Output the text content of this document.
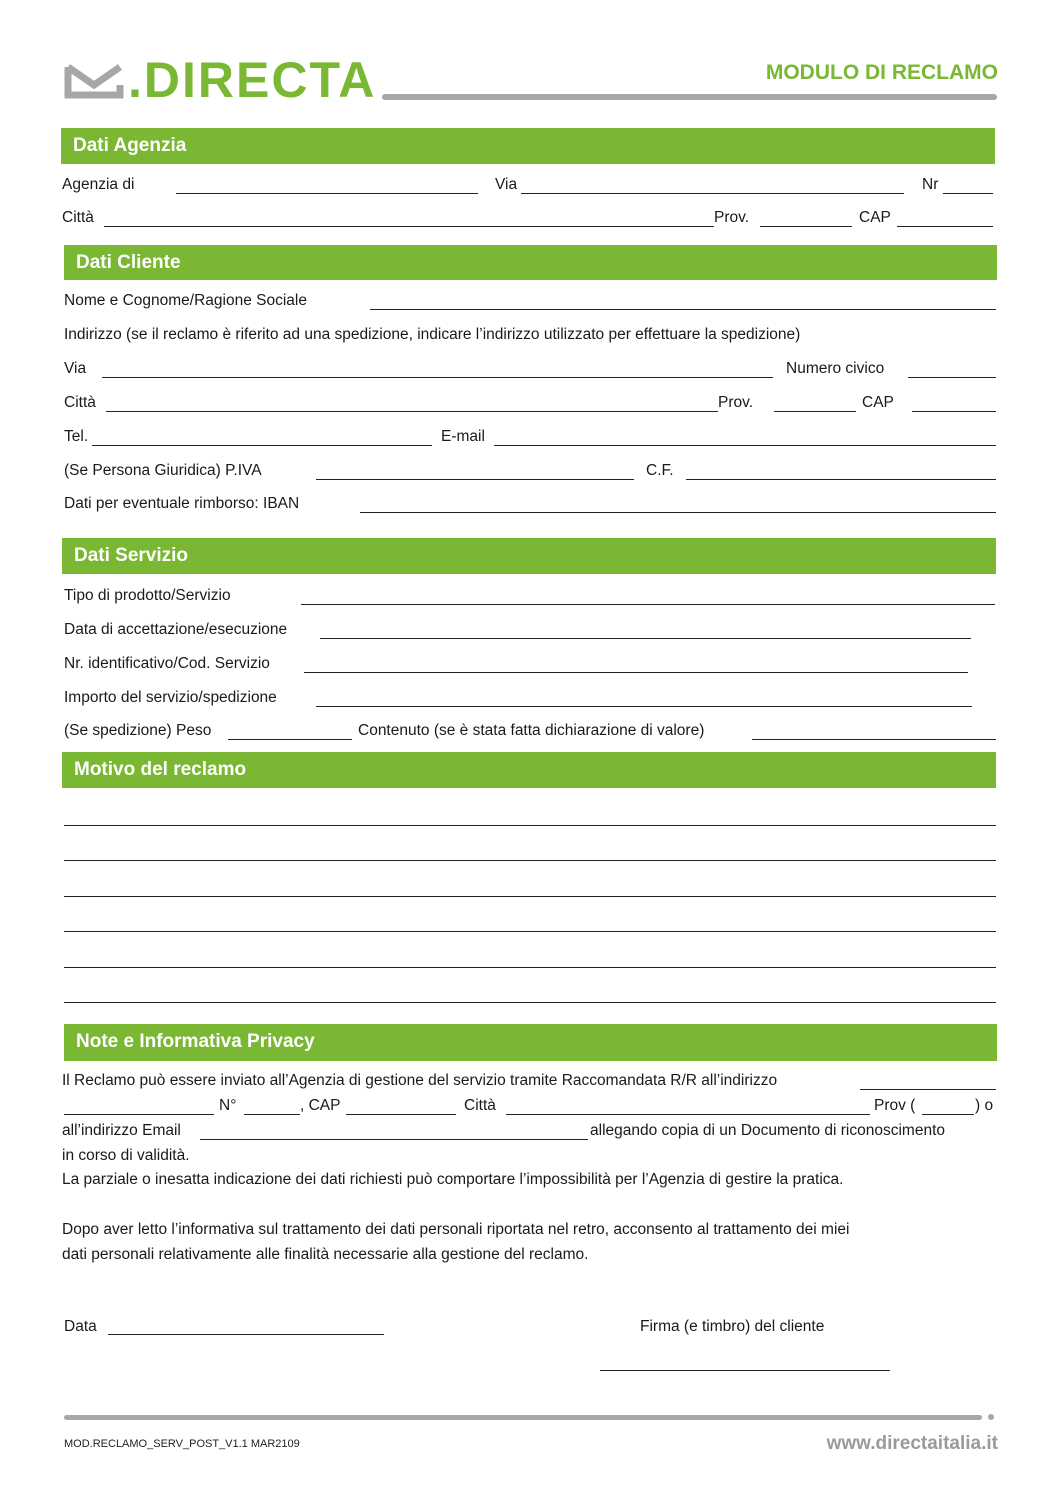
.DIRECTA	MODULO DI RECLAMO
Dati Agenzia
Agenzia di	Via	Nr
Città	Prov.	CAP
Dati Cliente
Nome e Cognome/Ragione Sociale
Indirizzo (se il reclamo è riferito ad una spedizione, indicare l’indirizzo utilizzato per effettuare la spedizione)
Via	Numero civico
Città	Prov.	CAP
Tel.	E-mail
(Se Persona Giuridica) P.IVA	C.F.
Dati per eventuale rimborso: IBAN
Dati Servizio
Tipo di prodotto/Servizio
Data di accettazione/esecuzione
Nr. identificativo/Cod. Servizio
Importo del servizio/spedizione
(Se spedizione) Peso	Contenuto (se è stata fatta dichiarazione di valore)
Motivo del reclamo
Note e Informativa Privacy
Il Reclamo può essere inviato all’Agenzia di gestione del servizio tramite Raccomandata R/R all’indirizzo
N°	, CAP	Città	Prov (	) o
all’indirizzo Email	allegando copia di un Documento di riconoscimento
in corso di validità.
La parziale o inesatta indicazione dei dati richiesti può comportare l’impossibilità per l’Agenzia di gestire la pratica.
Dopo aver letto l’informativa sul trattamento dei dati personali riportata nel retro, acconsento al trattamento dei miei
dati personali relativamente alle finalità necessarie alla gestione del reclamo.
Data	Firma (e timbro) del cliente
MOD.RECLAMO_SERV_POST_V1.1 MAR2109	www.directaitalia.it
